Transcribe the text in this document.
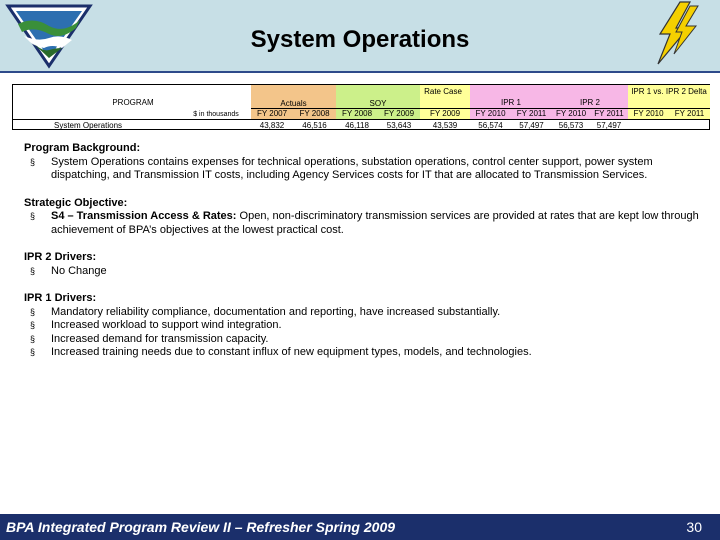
System Operations
PROGRAM
$ in thousands
Actuals	SOY
Rate Case
IPR 1	IPR 2
IPR 1 vs. IPR 2 Delta
FY 2007	FY 2008	FY 2008	FY 2009	FY 2009	FY 2010	FY 2011	FY 2010	FY 2011	FY 2010	FY 2011
System Operations	43,832	46,516	46,118	53,643	43,539	56,574	57,497	56,573	57,497

Program Background:

§ System Operations contains expenses for technical operations, substation operations, control center support, power system dispatching, and Transmission IT costs, including Agency Services costs for IT that are allocated to Transmission Services.

Strategic Objective:

§ S4 – Transmission Access & Rates: Open, non-discriminatory transmission services are provided at rates that are kept low through achievement of BPA’s objectives at the lowest practical cost.

IPR 2 Drivers:

§ No Change

IPR 1 Drivers:

§ Mandatory reliability compliance, documentation and reporting, have increased substantially.
§ Increased workload to support wind integration.
§ Increased demand for transmission capacity.
§ Increased training needs due to constant influx of new equipment types, models, and technologies.
BPA Integrated Program Review II – Refresher Spring 2009	30
